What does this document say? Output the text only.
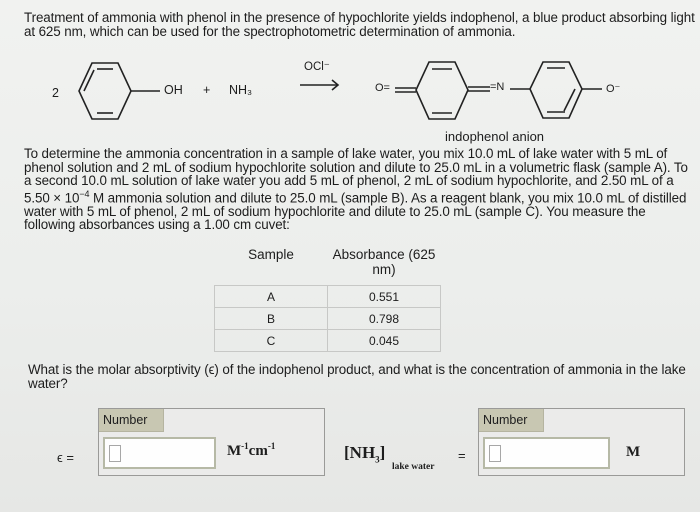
Treatment of ammonia with phenol in the presence of hypochlorite yields indophenol, a blue product absorbing light at 625 nm, which can be used for the spectrophotometric determination of ammonia.
2	OH + NH₃
OCl⁻
O=	=N	O⁻
indophenol anion
To determine the ammonia concentration in a sample of lake water, you mix 10.0 mL of lake water with 5 mL of phenol solution and 2 mL of sodium hypochlorite solution and dilute to 25.0 mL in a volumetric flask (sample A). To a second 10.0 mL solution of lake water you add 5 mL of phenol, 2 mL of sodium hypochlorite, and 2.50 mL of a $5.50 \times 10^{-4}$ M ammonia solution and dilute to 25.0 mL (sample B). As a reagent blank, you mix 10.0 mL of distilled water with 5 mL of phenol, 2 mL of sodium hypochlorite and dilute to 25.0 mL (sample C). You measure the following absorbances using a 1.00 cm cuvet:
Sample	Absorbance (625 nm)
A	0.551
B	0.798
C	0.045
What is the molar absorptivity (ϵ) of the indophenol product, and what is the concentration of ammonia in the lake water?
ϵ =
Number
$M^{-1}cm^{-1}$	$[NH_3]$
lake water
=
Number
M
